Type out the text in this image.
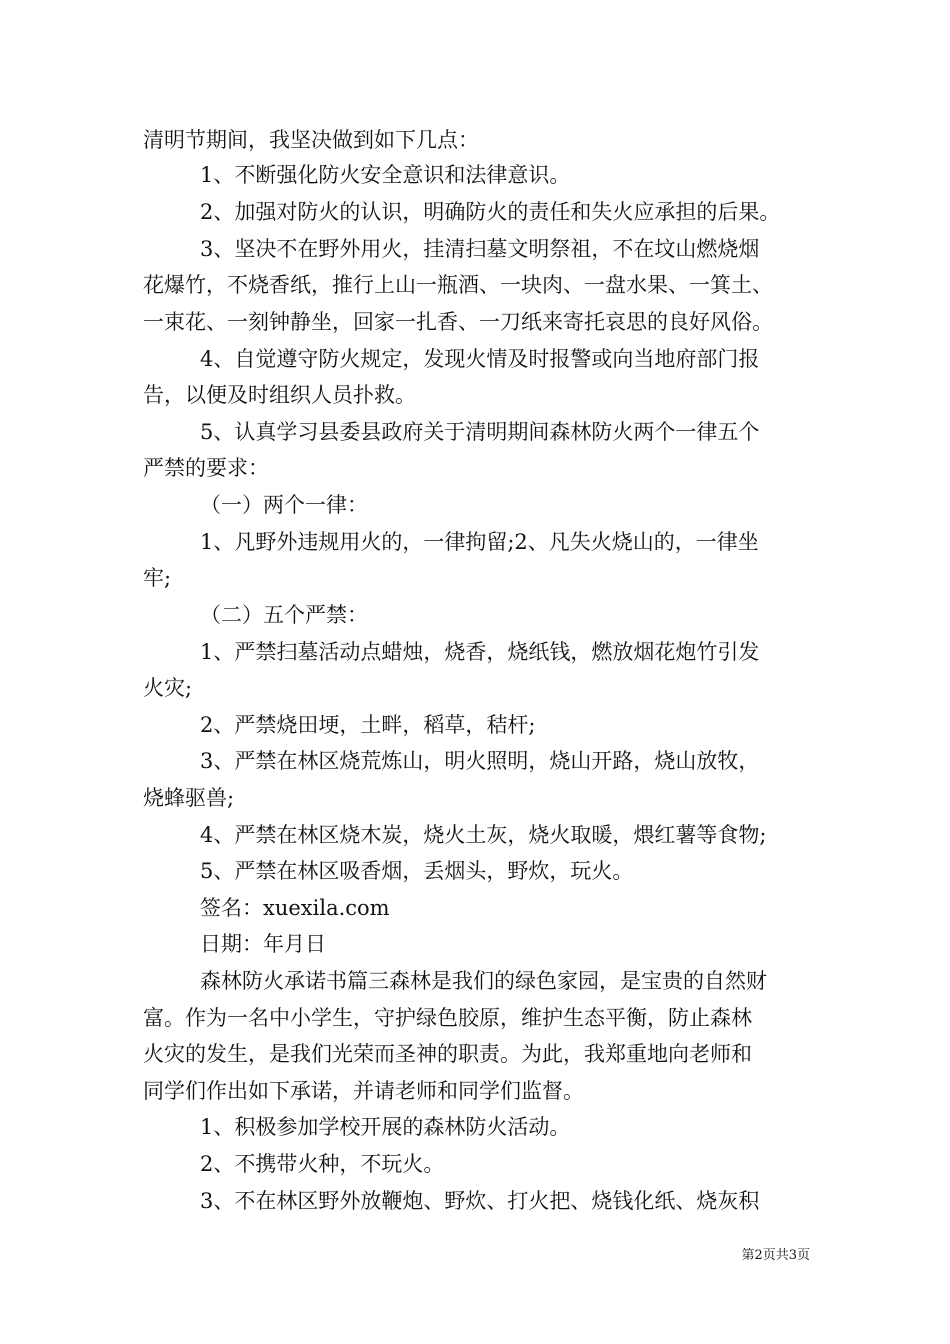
清明节期间，我坚决做到如下几点：
1、不断强化防火安全意识和法律意识。
2、加强对防火的认识，明确防火的责任和失火应承担的后果。
3、坚决不在野外用火，挂清扫墓文明祭祖，不在坟山燃烧烟
花爆竹，不烧香纸，推行上山一瓶酒、一块肉、一盘水果、一箕土、
一束花、一刻钟静坐，回家一扎香、一刀纸来寄托哀思的良好风俗。
4、自觉遵守防火规定，发现火情及时报警或向当地府部门报
告，以便及时组织人员扑救。
5、认真学习县委县政府关于清明期间森林防火两个一律五个
严禁的要求：
（一）两个一律：
1、凡野外违规用火的，一律拘留;2、凡失火烧山的，一律坐
牢;
（二）五个严禁：
1、严禁扫墓活动点蜡烛，烧香，烧纸钱，燃放烟花炮竹引发
火灾;
2、严禁烧田埂，土畔，稻草，秸杆;
3、严禁在林区烧荒炼山，明火照明，烧山开路，烧山放牧，
烧蜂驱兽;
4、严禁在林区烧木炭，烧火土灰，烧火取暖，煨红薯等食物;
5、严禁在林区吸香烟，丢烟头，野炊，玩火。
签名：xuexila.com
日期：年月日
森林防火承诺书篇三森林是我们的绿色家园，是宝贵的自然财
富。作为一名中小学生，守护绿色胶原，维护生态平衡，防止森林
火灾的发生，是我们光荣而圣神的职责。为此，我郑重地向老师和
同学们作出如下承诺，并请老师和同学们监督。
1、积极参加学校开展的森林防火活动。
2、不携带火种，不玩火。
3、不在林区野外放鞭炮、野炊、打火把、烧钱化纸、烧灰积
第2页共3页
